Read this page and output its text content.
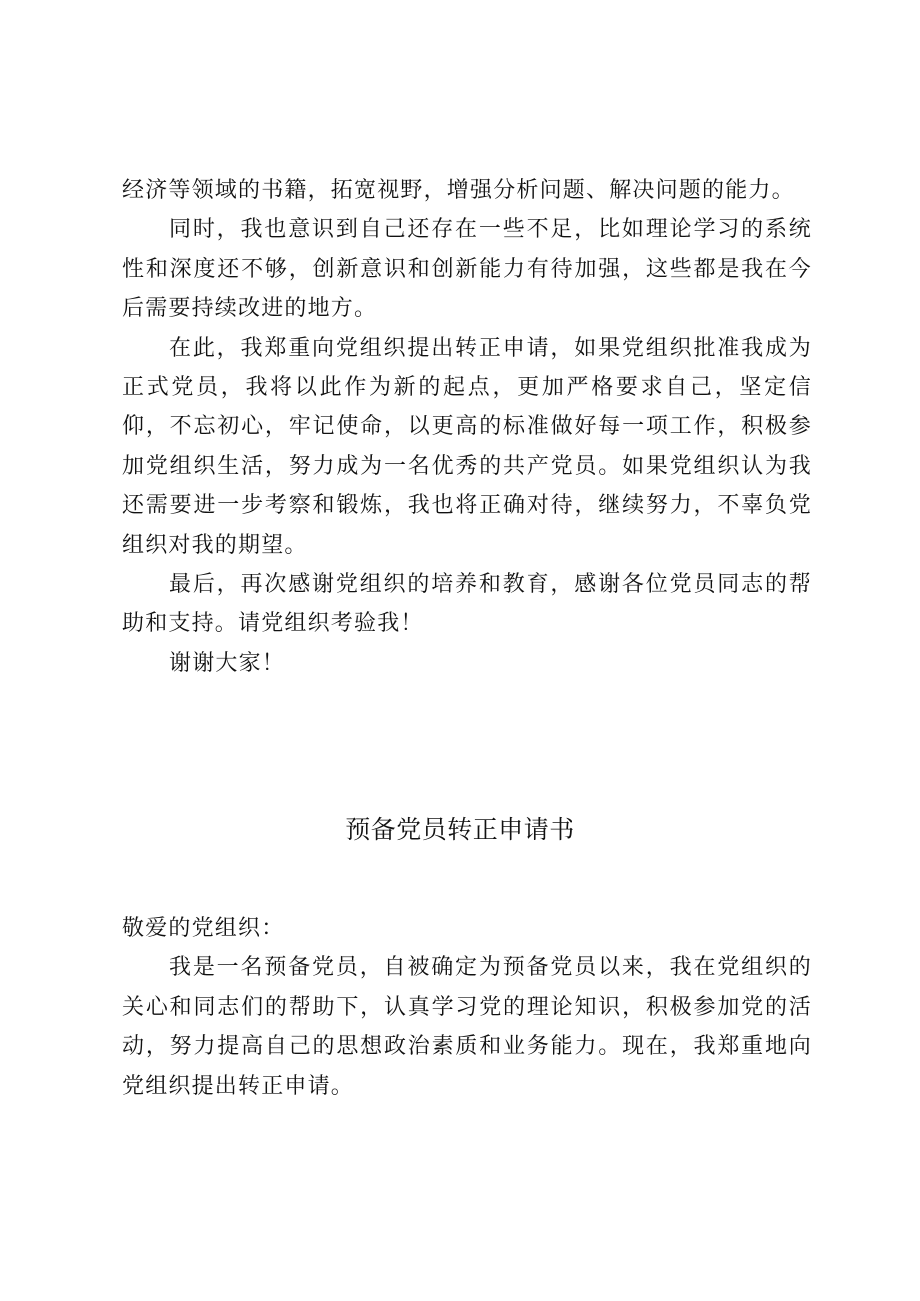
经济等领域的书籍，拓宽视野，增强分析问题、解决问题的能力。

同时，我也意识到自己还存在一些不足，比如理论学习的系统性和深度还不够，创新意识和创新能力有待加强，这些都是我在今后需要持续改进的地方。

在此，我郑重向党组织提出转正申请，如果党组织批准我成为正式党员，我将以此作为新的起点，更加严格要求自己，坚定信仰，不忘初心，牢记使命，以更高的标准做好每一项工作，积极参加党组织生活，努力成为一名优秀的共产党员。如果党组织认为我还需要进一步考察和锻炼，我也将正确对待，继续努力，不辜负党组织对我的期望。

最后，再次感谢党组织的培养和教育，感谢各位党员同志的帮助和支持。请党组织考验我！

谢谢大家！

预备党员转正申请书

敬爱的党组织：

我是一名预备党员，自被确定为预备党员以来，我在党组织的关心和同志们的帮助下，认真学习党的理论知识，积极参加党的活动，努力提高自己的思想政治素质和业务能力。现在，我郑重地向党组织提出转正申请。
